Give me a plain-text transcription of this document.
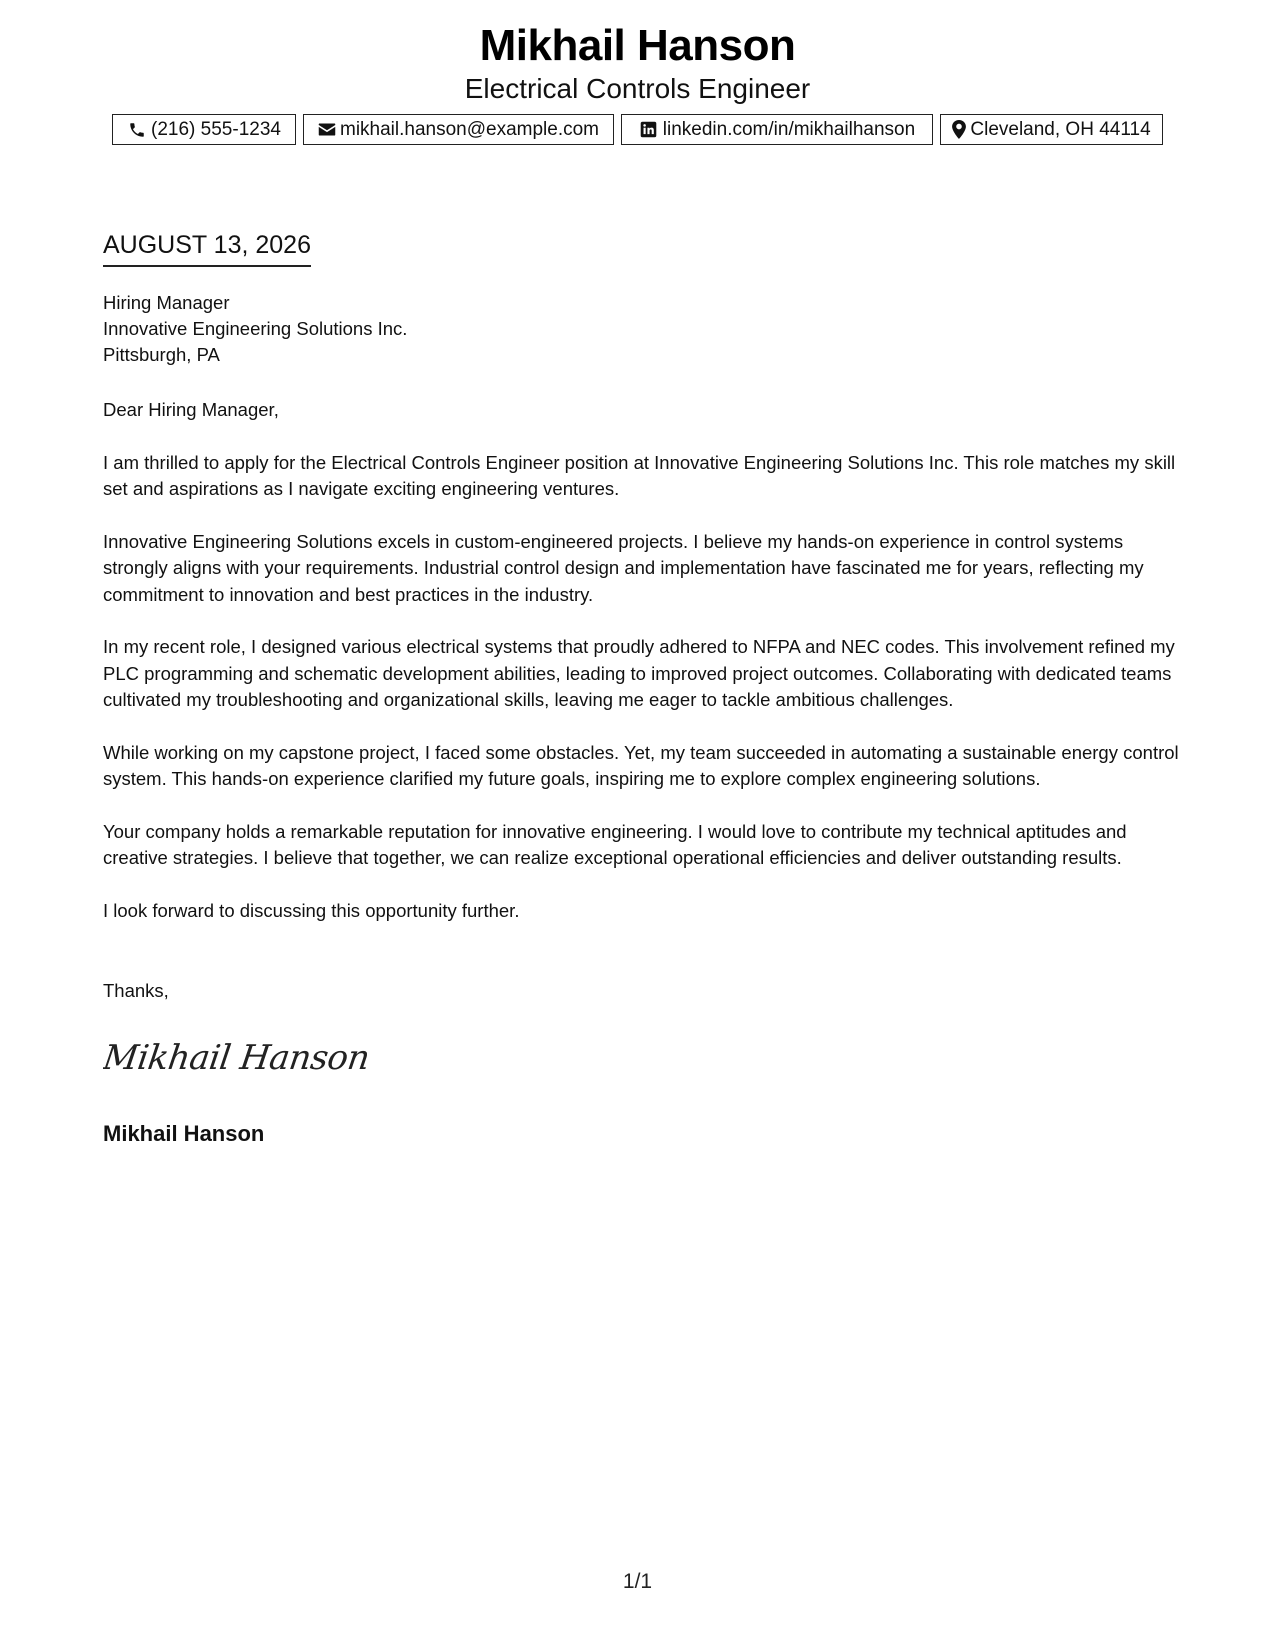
Mikhail Hanson
Electrical Controls Engineer
(216) 555-1234	mikhail.hanson@example.com	linkedin.com/in/mikhailhanson	Cleveland, OH 44114
AUGUST 13, 2026
Hiring Manager
Innovative Engineering Solutions Inc.
Pittsburgh, PA

Dear Hiring Manager,

I am thrilled to apply for the Electrical Controls Engineer position at Innovative Engineering Solutions Inc. This role matches my skill set and aspirations as I navigate exciting engineering ventures.

Innovative Engineering Solutions excels in custom-engineered projects. I believe my hands-on experience in control systems strongly aligns with your requirements. Industrial control design and implementation have fascinated me for years, reflecting my commitment to innovation and best practices in the industry.

In my recent role, I designed various electrical systems that proudly adhered to NFPA and NEC codes. This involvement refined my PLC programming and schematic development abilities, leading to improved project outcomes. Collaborating with dedicated teams cultivated my troubleshooting and organizational skills, leaving me eager to tackle ambitious challenges.

While working on my capstone project, I faced some obstacles. Yet, my team succeeded in automating a sustainable energy control system. This hands-on experience clarified my future goals, inspiring me to explore complex engineering solutions.

Your company holds a remarkable reputation for innovative engineering. I would love to contribute my technical aptitudes and creative strategies. I believe that together, we can realize exceptional operational efficiencies and deliver outstanding results.

I look forward to discussing this opportunity further.

Thanks,
Mikhail Hanson
Mikhail Hanson
1/1
